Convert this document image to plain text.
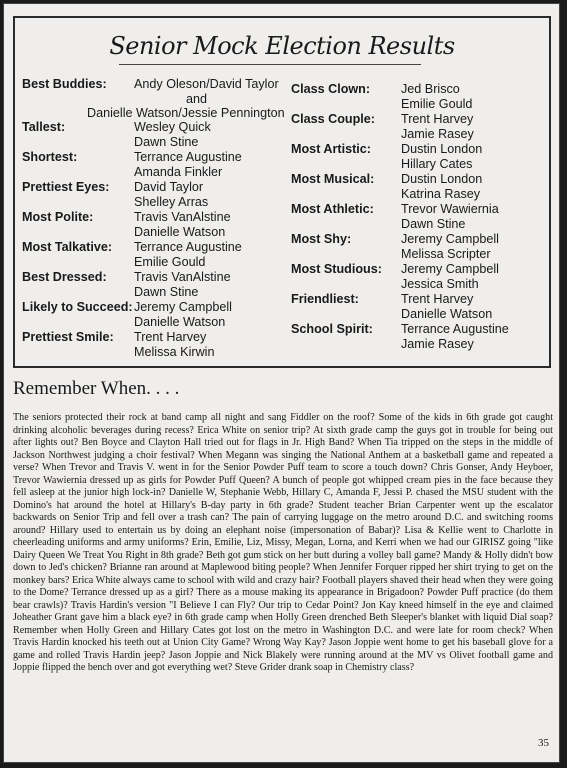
Senior Mock Election Results
Best Buddies:	Andy Oleson/David Taylor
and
Danielle Watson/Jessie Pennington
Tallest:	Wesley Quick
Dawn Stine
Shortest:	Terrance Augustine
Amanda Finkler
Prettiest Eyes: David Taylor
Shelley Arras
Most Polite:	Travis VanAlstine
Danielle Watson
Most Talkative: Terrance Augustine
Emilie Gould
Best Dressed: Travis VanAlstine
Dawn Stine
Likely to Succeed: Jeremy Campbell
Danielle Watson
Prettiest Smile: Trent Harvey
Melissa Kirwin
Class Clown: Jed Brisco
Emilie Gould
Class Couple: Trent Harvey
Jamie Rasey
Most Artistic: Dustin London
Hillary Cates
Most Musical: Dustin London
Katrina Rasey
Most Athletic: Trevor Wawiernia
Dawn Stine
Most Shy:	Jeremy Campbell
Melissa Scripter
Most Studious: Jeremy Campbell
Jessica Smith
Friendliest:	Trent Harvey
Danielle Watson
School Spirit: Terrance Augustine
Jamie Rasey
Remember When. . . .
The seniors protected their rock at band camp all night and sang Fiddler on the roof? Some of the kids in 6th grade got caught drinking alcoholic beverages during recess? Erica White on senior trip? At sixth grade camp the guys got in trouble for being out after lights out? Ben Boyce and Clayton Hall tried out for flags in Jr. High Band? When Tia tripped on the steps in the middle of Jackson Northwest judging a choir festival? When Megann was singing the National Anthem at a basketball game and repeated a verse? When Trevor and Travis V. went in for the Senior Powder Puff team to score a touch down? Chris Gonser, Andy Heyboer, Trevor Wawiernia dressed up as girls for Powder Puff Queen? A bunch of people got whipped cream pies in the face because they fell asleep at the junior high lock-in? Danielle W, Stephanie Webb, Hillary C, Amanda F, Jessi P. chased the MSU student with the Domino's hat around the hotel at Hillary's B-day party in 6th grade? Student teacher Brian Carpenter went up the escalator backwards on Senior Trip and fell over a trash can? The pain of carrying luggage on the metro around D.C. and switching rooms around? Hillary used to entertain us by doing an elephant noise (impersonation of Babar)? Lisa & Kellie went to Charlotte in cheerleading uniforms and army uniforms? Erin, Emilie, Liz, Missy, Megan, Lorna, and Kerri when we had our GIRISZ going "like Dairy Queen We Treat You Right in 8th grade? Beth got gum stick on her butt during a volley ball game? Mandy & Holly didn't bow down to Jed's chicken? Brianne ran around at Maplewood biting people? When Jennifer Forquer ripped her shirt trying to get on the monkey bars? Erica White always came to school with wild and crazy hair? Football players shaved their head when they were going to the Dome? Terrance dressed up as a girl? There as a mouse making its appearance in Brigadoon? Powder Puff practice (do them bear crawls)? Travis Hardin's version "I Believe I can Fly? Our trip to Cedar Point? Jon Kay kneed himself in the eye and claimed Joheather Grant gave him a black eye? in 6th grade camp when Holly Green drenched Beth Sleeper's blanket with liquid Dial soap? Remember when Holly Green and Hillary Cates got lost on the metro in Washington D.C. and were late for room check? When Travis Hardin knocked his teeth out at Union City Game? Wrong Way Kay? Jason Joppie went home to get his baseball glove for a game and rolled Travis Hardin jeep? Jason Joppie and Nick Blakely were running around at the MV vs Olivet football game and Joppie flipped the bench over and got everything wet? Steve Grider drank soap in Chemistry class?
35
